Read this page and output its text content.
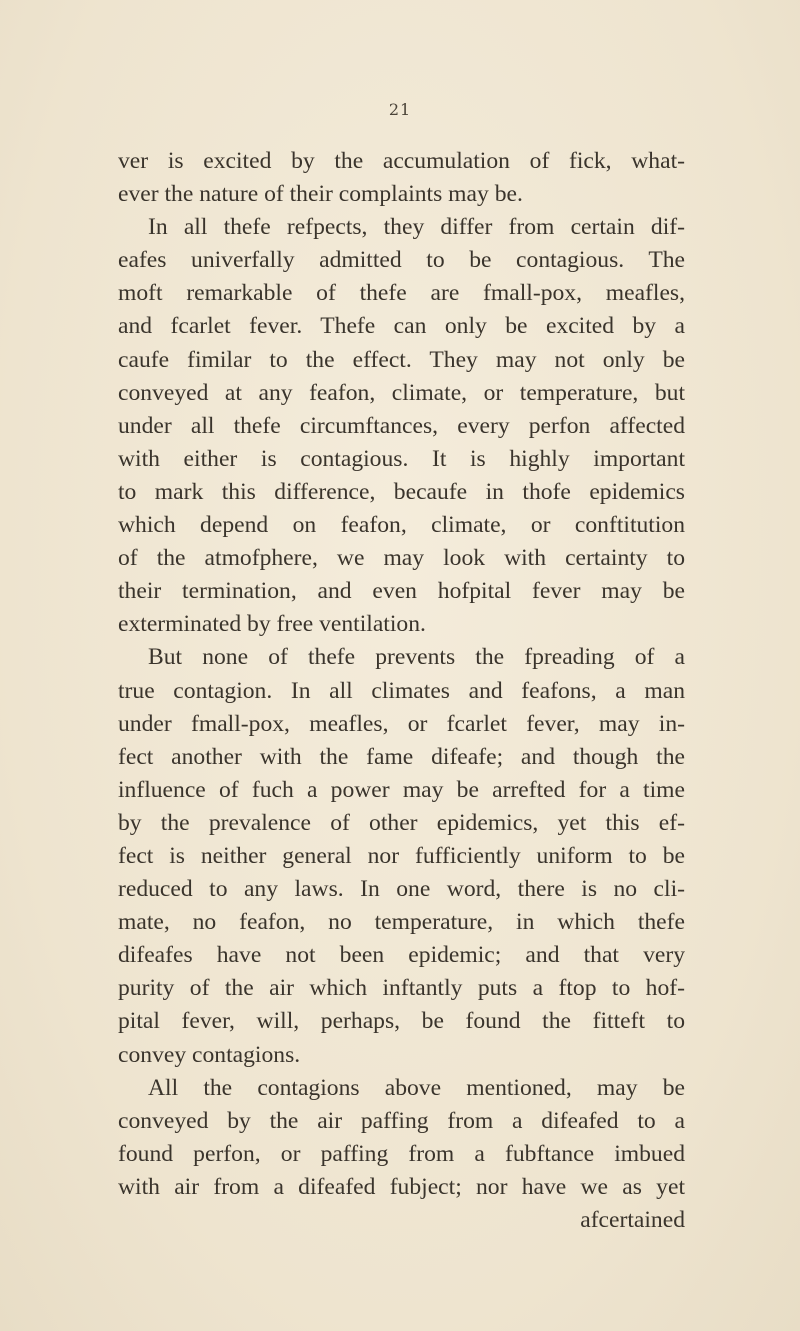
21
ver is excited by the accumulation of fick, what-
ever the nature of their complaints may be.
In all thefe refpects, they differ from certain dif-
eafes univerfally admitted to be contagious. The
moft remarkable of thefe are fmall-pox, meafles,
and fcarlet fever. Thefe can only be excited by a
caufe fimilar to the effect. They may not only be
conveyed at any feafon, climate, or temperature, but
under all thefe circumftances, every perfon affected
with either is contagious. It is highly important
to mark this difference, becaufe in thofe epidemics
which depend on feafon, climate, or conftitution
of the atmofphere, we may look with certainty to
their termination, and even hofpital fever may be
exterminated by free ventilation.
But none of thefe prevents the fpreading of a
true contagion. In all climates and feafons, a man
under fmall-pox, meafles, or fcarlet fever, may in-
fect another with the fame difeafe; and though the
influence of fuch a power may be arrefted for a time
by the prevalence of other epidemics, yet this ef-
fect is neither general nor fufficiently uniform to be
reduced to any laws. In one word, there is no cli-
mate, no feafon, no temperature, in which thefe
difeafes have not been epidemic; and that very
purity of the air which inftantly puts a ftop to hof-
pital fever, will, perhaps, be found the fitteft to
convey contagions.
All the contagions above mentioned, may be
conveyed by the air paffing from a difeafed to a
found perfon, or paffing from a fubftance imbued
with air from a difeafed fubject; nor have we as yet
afcertained
